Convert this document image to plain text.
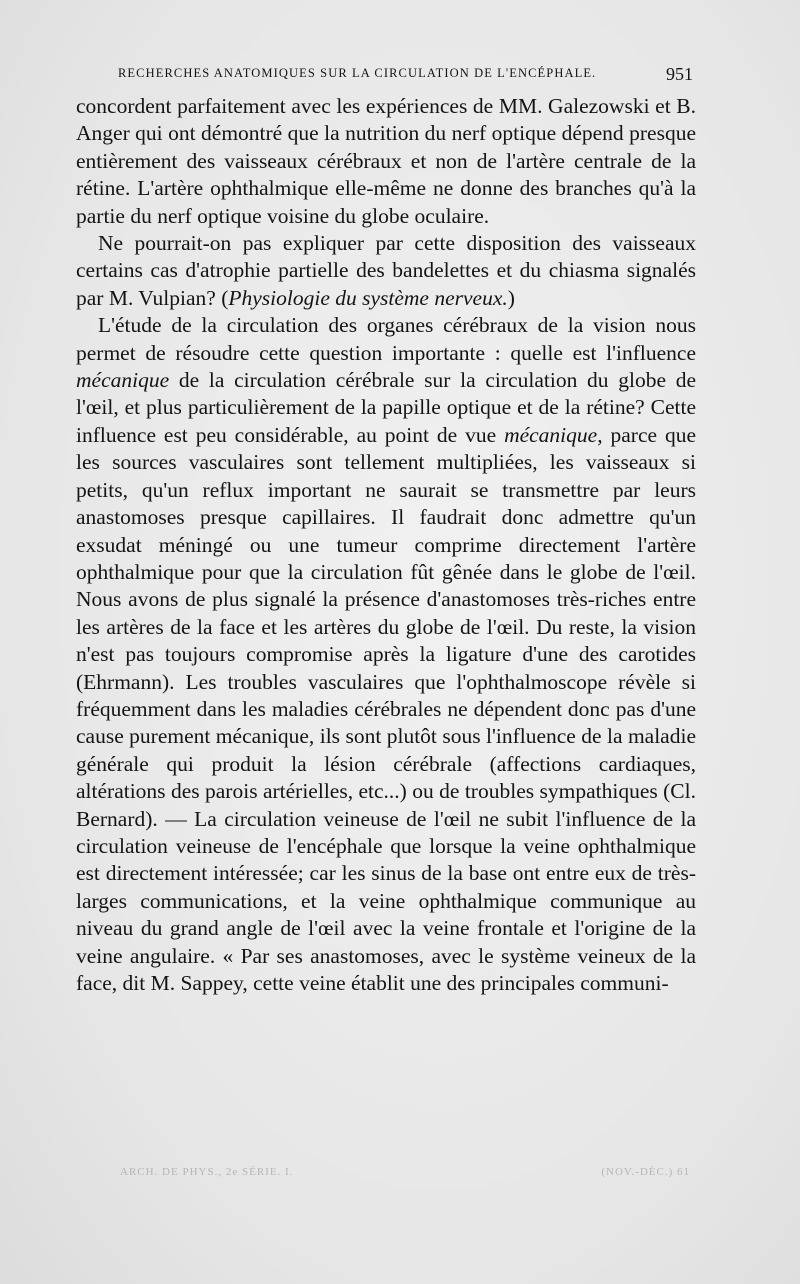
RECHERCHES ANATOMIQUES SUR LA CIRCULATION DE L'ENCÉPHALE.	951

concordent parfaitement avec les expériences de MM. Galezowski et B. Anger qui ont démontré que la nutrition du nerf optique dépend presque entièrement des vaisseaux cérébraux et non de l'artère centrale de la rétine. L'artère ophthalmique elle-même ne donne des branches qu'à la partie du nerf optique voisine du globe oculaire.

Ne pourrait-on pas expliquer par cette disposition des vaisseaux certains cas d'atrophie partielle des bandelettes et du chiasma signalés par M. Vulpian? (Physiologie du système nerveux.)

L'étude de la circulation des organes cérébraux de la vision nous permet de résoudre cette question importante : quelle est l'influence mécanique de la circulation cérébrale sur la circulation du globe de l'œil, et plus particulièrement de la papille optique et de la rétine? Cette influence est peu considérable, au point de vue mécanique, parce que les sources vasculaires sont tellement multipliées, les vaisseaux si petits, qu'un reflux important ne saurait se transmettre par leurs anastomoses presque capillaires. Il faudrait donc admettre qu'un exsudat méningé ou une tumeur comprime directement l'artère ophthalmique pour que la circulation fût gênée dans le globe de l'œil. Nous avons de plus signalé la présence d'anastomoses très-riches entre les artères de la face et les artères du globe de l'œil. Du reste, la vision n'est pas toujours compromise après la ligature d'une des carotides (Ehrmann). Les troubles vasculaires que l'ophthalmoscope révèle si fréquemment dans les maladies cérébrales ne dépendent donc pas d'une cause purement mécanique, ils sont plutôt sous l'influence de la maladie générale qui produit la lésion cérébrale (affections cardiaques, altérations des parois artérielles, etc...) ou de troubles sympathiques (Cl. Bernard). — La circulation veineuse de l'œil ne subit l'influence de la circulation veineuse de l'encéphale que lorsque la veine ophthalmique est directement intéressée; car les sinus de la base ont entre eux de très-larges communications, et la veine ophthalmique communique au niveau du grand angle de l'œil avec la veine frontale et l'origine de la veine angulaire. « Par ses anastomoses, avec le système veineux de la face, dit M. Sappey, cette veine établit une des principales communi-

ARCH. DE PHYS., 2e SÉRIE. I.	(NOV.-DÉC.) 61
